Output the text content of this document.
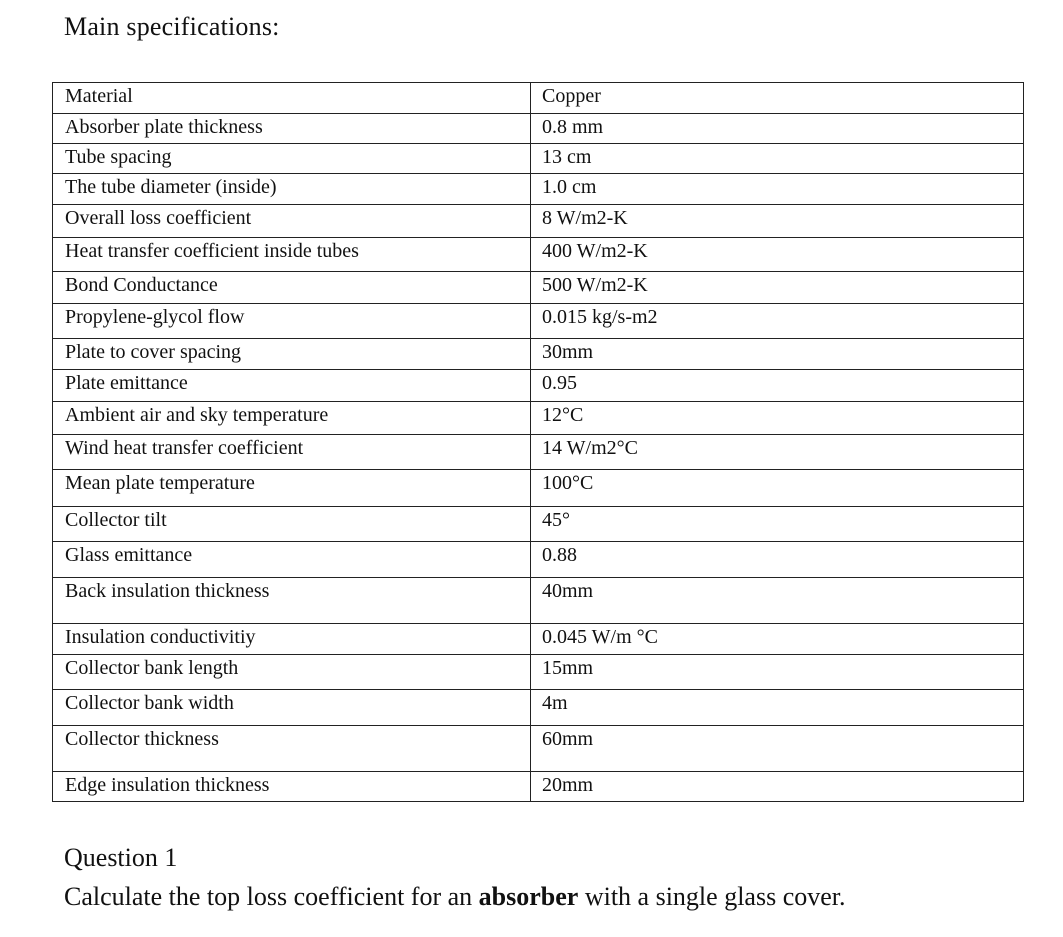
Main specifications:
Material	Copper
Absorber plate thickness	0.8 mm
Tube spacing	13 cm
The tube diameter (inside)	1.0 cm
Overall loss coefficient	8 W/m2-K
Heat transfer coefficient inside tubes	400 W/m2-K
Bond Conductance	500 W/m2-K
Propylene-glycol flow	0.015 kg/s-m2
Plate to cover spacing	30mm
Plate emittance	0.95
Ambient air and sky temperature	12°C
Wind heat transfer coefficient	14 W/m2°C
Mean plate temperature	100°C
Collector tilt	45°
Glass emittance	0.88
Back insulation thickness	40mm
Insulation conductivitiy	0.045 W/m °C
Collector bank length	15mm
Collector bank width	4m
Collector thickness	60mm
Edge insulation thickness	20mm
Question 1
Calculate the top loss coefficient for an absorber with a single glass cover.
